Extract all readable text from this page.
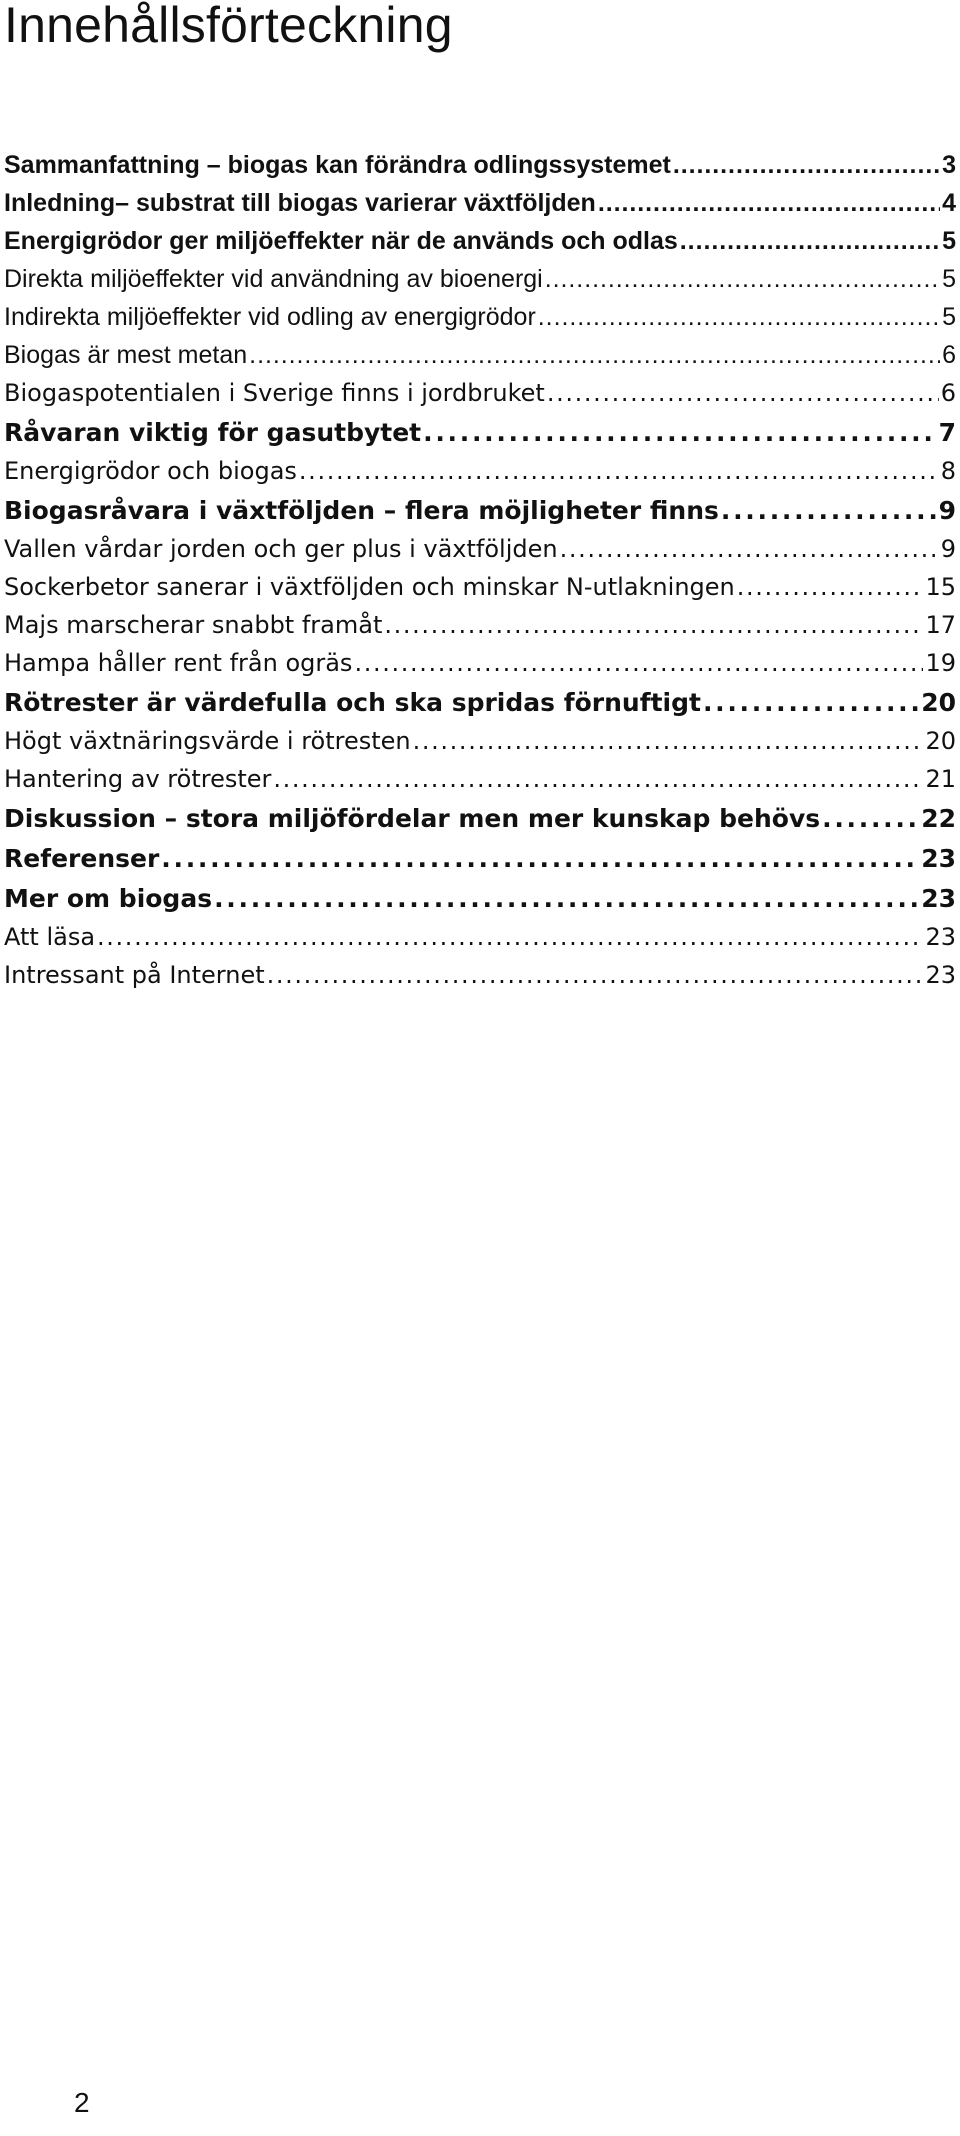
Innehållsförteckning
Sammanfattning – biogas kan förändra odlingssystemet . . .	3
Inledning– substrat till biogas varierar växtföljden . . .	4
Energigrödor ger miljöeffekter när de används och odlas . . .	5
Direkta miljöeffekter vid användning av bioenergi . . .	5
Indirekta miljöeffekter vid odling av energigrödor . . .	5
Biogas är mest metan . . .	6
Biogaspotentialen i Sverige finns i jordbruket . . .	6
Råvaran viktig för gasutbytet . . .	7
Energigrödor och biogas . . .	8
Biogasråvara i växtföljden – flera möjligheter finns . . .	9
Vallen vårdar jorden och ger plus i växtföljden . . .	9
Sockerbetor sanerar i växtföljden och minskar N-utlakningen . . .	15
Majs marscherar snabbt framåt . . .	17
Hampa håller rent från ogräs . . .	19
Rötrester är värdefulla och ska spridas förnuftigt . . .	20
Högt växtnäringsvärde i rötresten . . .	20
Hantering av rötrester . . .	21
Diskussion – stora miljöfördelar men mer kunskap behövs . . .	22
Referenser . . .	23
Mer om biogas . . .	23
Att läsa . . .	23
Intressant på Internet . . .	23
2
